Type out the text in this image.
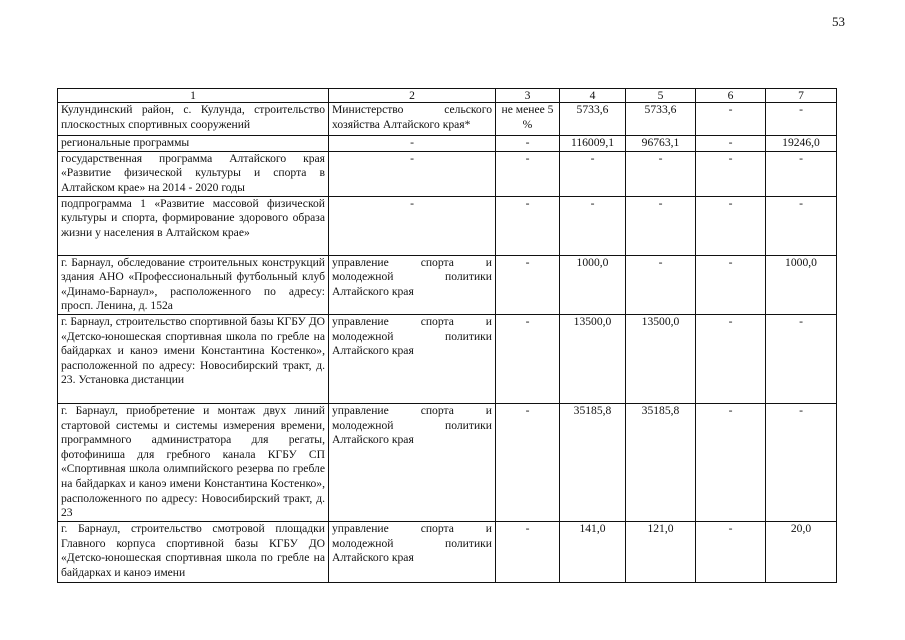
53
1	2	3	4	5	6	7
Кулундинский район, с. Кулунда, строительство плоскостных спортивных сооружений	Министерство сельского хозяйства Алтайского края*	не менее 5 %	5733,6	5733,6	-	-
региональные программы	-	-	116009,1	96763,1	-	19246,0
государственная программа Алтайского края «Развитие физической культуры и спорта в Алтайском крае» на 2014 - 2020 годы	-	-	-	-	-	-
подпрограмма 1 «Развитие массовой физической культуры и спорта, формирование здорового образа жизни у населения в Алтайском крае»	-	-	-	-	-	-
г. Барнаул, обследование строительных конструкций здания АНО «Профессиональный футбольный клуб «Динамо-Барнаул», расположенного по адресу: просп. Ленина, д. 152а	управление спорта и молодежной политики Алтайского края	-	1000,0	-	-	1000,0
г. Барнаул, строительство спортивной базы КГБУ ДО «Детско-юношеская спортивная школа по гребле на байдарках и каноэ имени Константина Костенко», расположенной по адресу: Новосибирский тракт, д. 23. Установка дистанции	управление спорта и молодежной политики Алтайского края	-	13500,0	13500,0	-	-
г. Барнаул, приобретение и монтаж двух линий стартовой системы и системы измерения времени, программного администратора для регаты, фотофиниша для гребного канала КГБУ СП «Спортивная школа олимпийского резерва по гребле на байдарках и каноэ имени Константина Костенко», расположенного по адресу: Новосибирский тракт, д. 23	управление спорта и молодежной политики Алтайского края	-	35185,8	35185,8	-	-
г. Барнаул, строительство смотровой площадки Главного корпуса спортивной базы КГБУ ДО «Детско-юношеская спортивная школа по гребле на байдарках и каноэ имени	управление спорта и молодежной политики Алтайского края	-	141,0	121,0	-	20,0
